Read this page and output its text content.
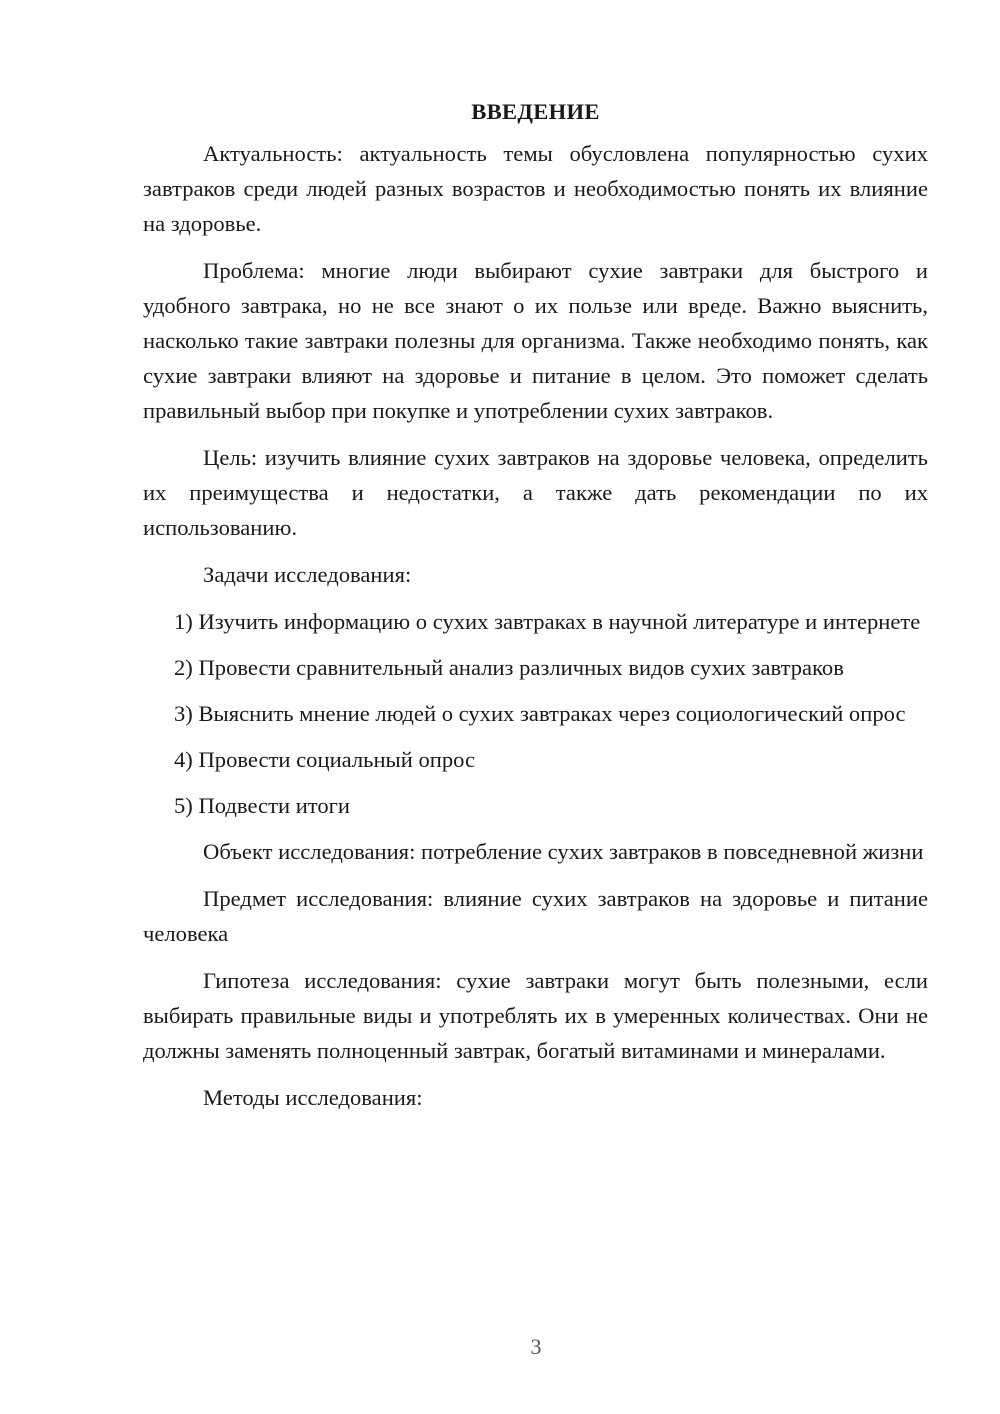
ВВЕДЕНИЕ

Актуальность: актуальность темы обусловлена популярностью сухих завтраков среди людей разных возрастов и необходимостью понять их влияние на здоровье.

Проблема: многие люди выбирают сухие завтраки для быстрого и удобного завтрака, но не все знают о их пользе или вреде. Важно выяснить, насколько такие завтраки полезны для организма. Также необходимо понять, как сухие завтраки влияют на здоровье и питание в целом. Это поможет сделать правильный выбор при покупке и употреблении сухих завтраков.

Цель: изучить влияние сухих завтраков на здоровье человека, определить их преимущества и недостатки, а также дать рекомендации по их использованию.

Задачи исследования:

1) Изучить информацию о сухих завтраках в научной литературе и интернете

2) Провести сравнительный анализ различных видов сухих завтраков

3) Выяснить мнение людей о сухих завтраках через социологический опрос

4) Провести социальный опрос

5) Подвести итоги

Объект исследования: потребление сухих завтраков в повседневной жизни

Предмет исследования: влияние сухих завтраков на здоровье и питание человека

Гипотеза исследования: сухие завтраки могут быть полезными, если выбирать правильные виды и употреблять их в умеренных количествах. Они не должны заменять полноценный завтрак, богатый витаминами и минералами.

Методы исследования:

3
